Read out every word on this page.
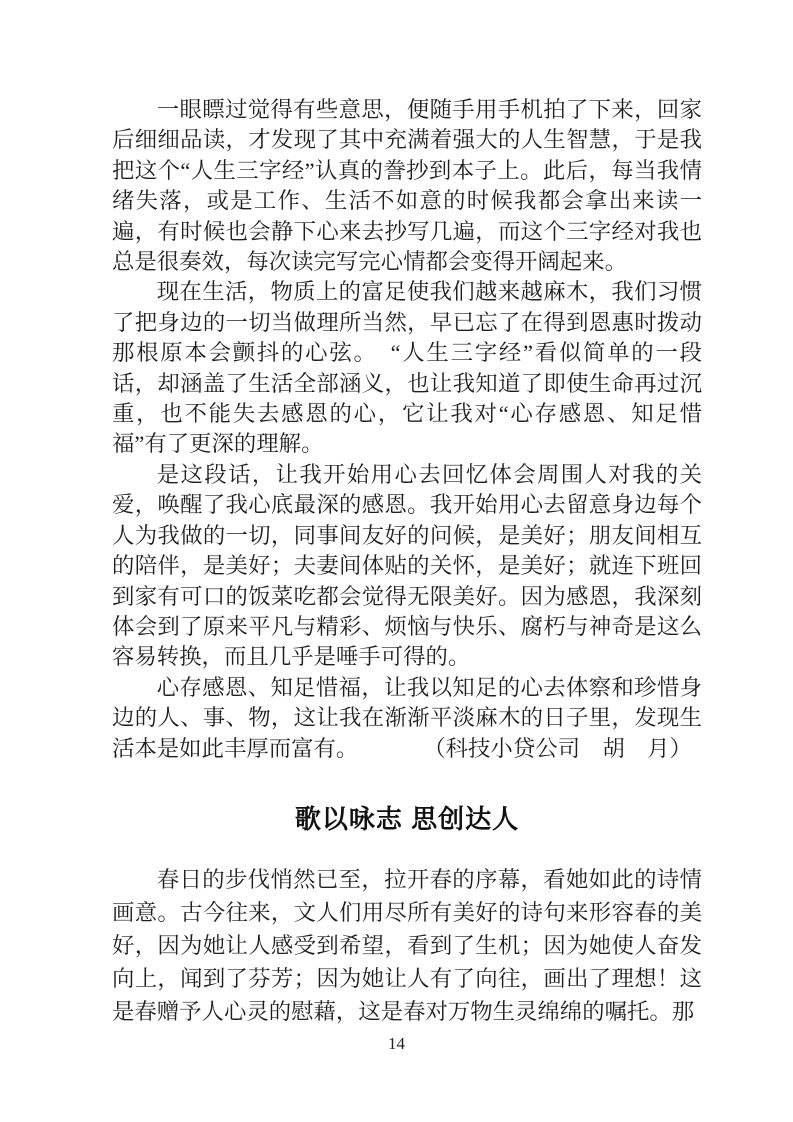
一眼瞟过觉得有些意思，便随手用手机拍了下来，回家后细细品读，才发现了其中充满着强大的人生智慧，于是我把这个“人生三字经”认真的誊抄到本子上。此后，每当我情绪失落，或是工作、生活不如意的时候我都会拿出来读一遍，有时候也会静下心来去抄写几遍，而这个三字经对我也总是很奏效，每次读完写完心情都会变得开阔起来。

现在生活，物质上的富足使我们越来越麻木，我们习惯了把身边的一切当做理所当然，早已忘了在得到恩惠时拨动那根原本会颤抖的心弦。　“人生三字经”看似简单的一段话，却涵盖了生活全部涵义，也让我知道了即使生命再过沉重，也不能失去感恩的心，它让我对“心存感恩、知足惜福”有了更深的理解。

是这段话，让我开始用心去回忆体会周围人对我的关爱，唤醒了我心底最深的感恩。我开始用心去留意身边每个人为我做的一切，同事间友好的问候，是美好；朋友间相互的陪伴，是美好；夫妻间体贴的关怀，是美好；就连下班回到家有可口的饭菜吃都会觉得无限美好。因为感恩，我深刻体会到了原来平凡与精彩、烦恼与快乐、腐朽与神奇是这么容易转换，而且几乎是唾手可得的。

心存感恩、知足惜福，让我以知足的心去体察和珍惜身边的人、事、物，这让我在渐渐平淡麻木的日子里，发现生活本是如此丰厚而富有。	（科技小贷公司　胡　月）

歌以咏志 思创达人

春日的步伐悄然已至，拉开春的序幕，看她如此的诗情画意。古今往来，文人们用尽所有美好的诗句来形容春的美好，因为她让人感受到希望，看到了生机；因为她使人奋发向上，闻到了芬芳；因为她让人有了向往，画出了理想！这是春赠予人心灵的慰藉，这是春对万物生灵绵绵的嘱托。那

14
